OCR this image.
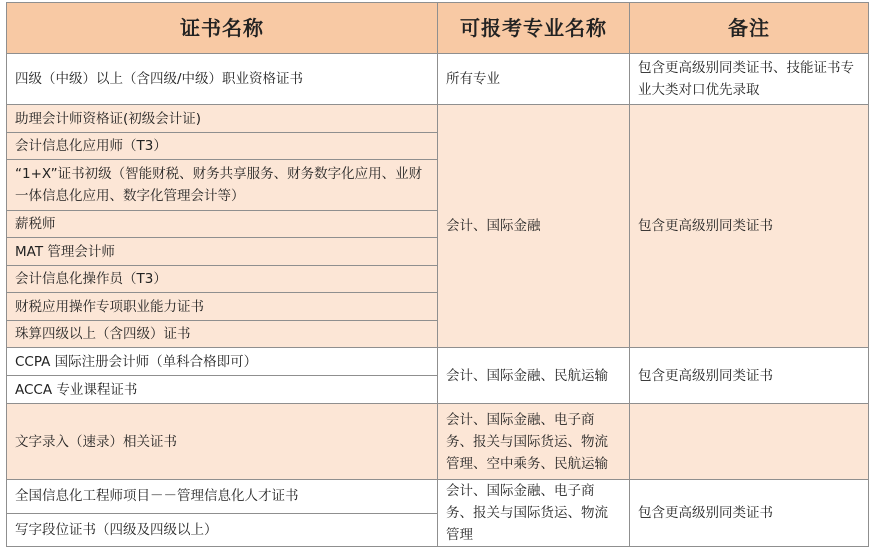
证书名称	可报考专业名称	备注
四级（中级）以上（含四级/中级）职业资格证书	所有专业	包含更高级别同类证书、技能证书专业大类对口优先录取
助理会计师资格证(初级会计证)	会计、国际金融	包含更高级别同类证书
会计信息化应用师（T3）		
“1+X”证书初级（智能财税、财务共享服务、财务数字化应用、业财一体信息化应用、数字化管理会计等）		
薪税师		
MAT 管理会计师		
会计信息化操作员（T3）		
财税应用操作专项职业能力证书		
珠算四级以上（含四级）证书		
CCPA 国际注册会计师（单科合格即可）	会计、国际金融、民航运输	包含更高级别同类证书
ACCA 专业课程证书		
文字录入（速录）相关证书	会计、国际金融、电子商务、报关与国际货运、物流管理、空中乘务、民航运输	
全国信息化工程师项目－－管理信息化人才证书	会计、国际金融、电子商务、报关与国际货运、物流管理	包含更高级别同类证书
写字段位证书（四级及四级以上）		
